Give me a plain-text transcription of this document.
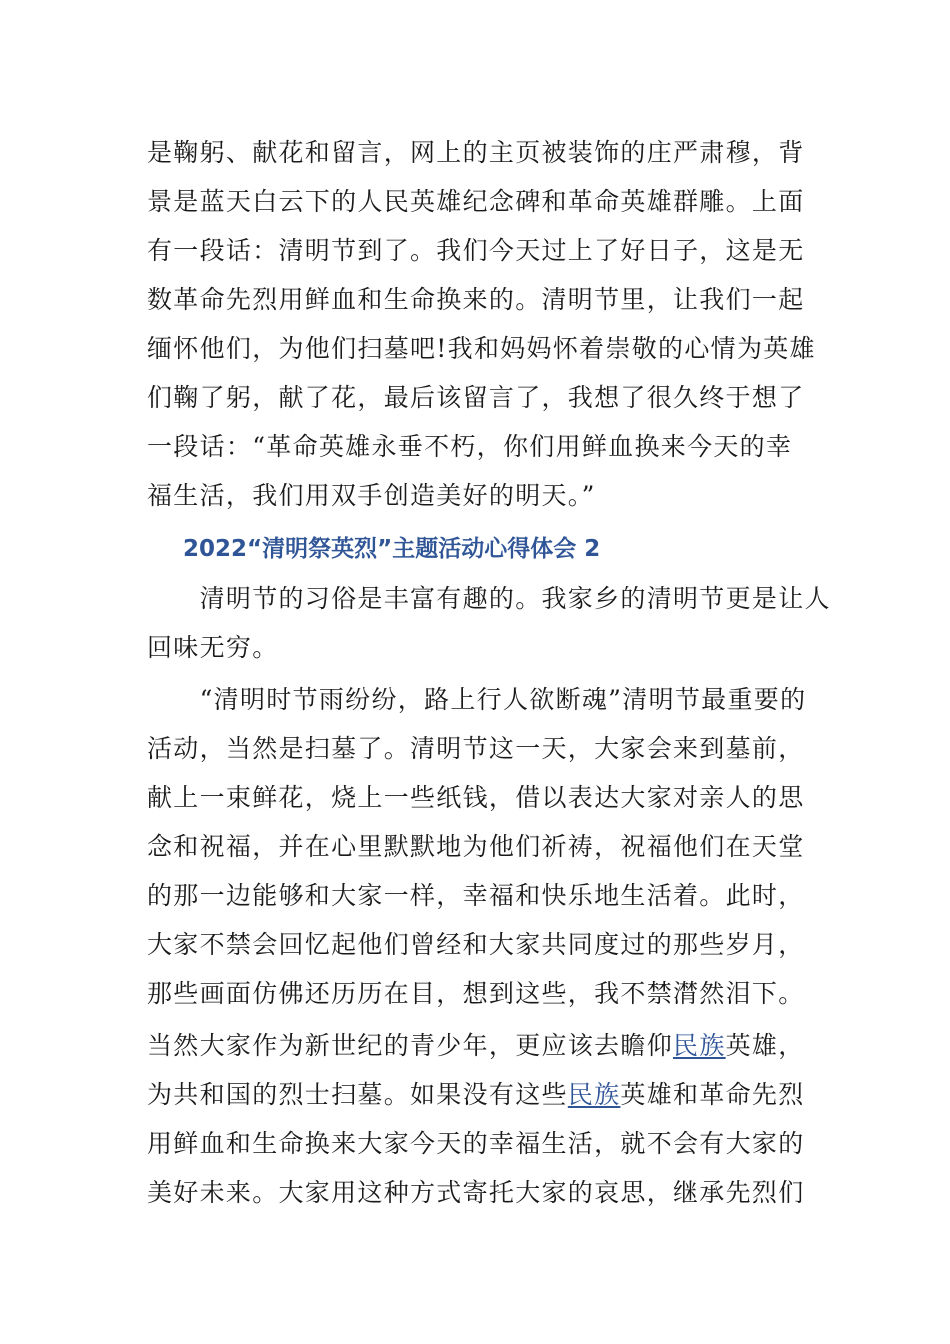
是鞠躬、献花和留言，网上的主页被装饰的庄严肃穆，背
景是蓝天白云下的人民英雄纪念碑和革命英雄群雕。上面
有一段话：清明节到了。我们今天过上了好日子，这是无
数革命先烈用鲜血和生命换来的。清明节里，让我们一起
缅怀他们，为他们扫墓吧!我和妈妈怀着崇敬的心情为英雄
们鞠了躬，献了花，最后该留言了，我想了很久终于想了
一段话：“革命英雄永垂不朽，你们用鲜血换来今天的幸
福生活，我们用双手创造美好的明天。”
2022“清明祭英烈”主题活动心得体会 2
　　清明节的习俗是丰富有趣的。我家乡的清明节更是让人
回味无穷。
　　“清明时节雨纷纷，路上行人欲断魂”清明节最重要的
活动，当然是扫墓了。清明节这一天，大家会来到墓前，
献上一束鲜花，烧上一些纸钱，借以表达大家对亲人的思
念和祝福，并在心里默默地为他们祈祷，祝福他们在天堂
的那一边能够和大家一样，幸福和快乐地生活着。此时，
大家不禁会回忆起他们曾经和大家共同度过的那些岁月，
那些画面仿佛还历历在目，想到这些，我不禁潸然泪下。
当然大家作为新世纪的青少年，更应该去瞻仰民族英雄，
为共和国的烈士扫墓。如果没有这些民族英雄和革命先烈
用鲜血和生命换来大家今天的幸福生活，就不会有大家的
美好未来。大家用这种方式寄托大家的哀思，继承先烈们
